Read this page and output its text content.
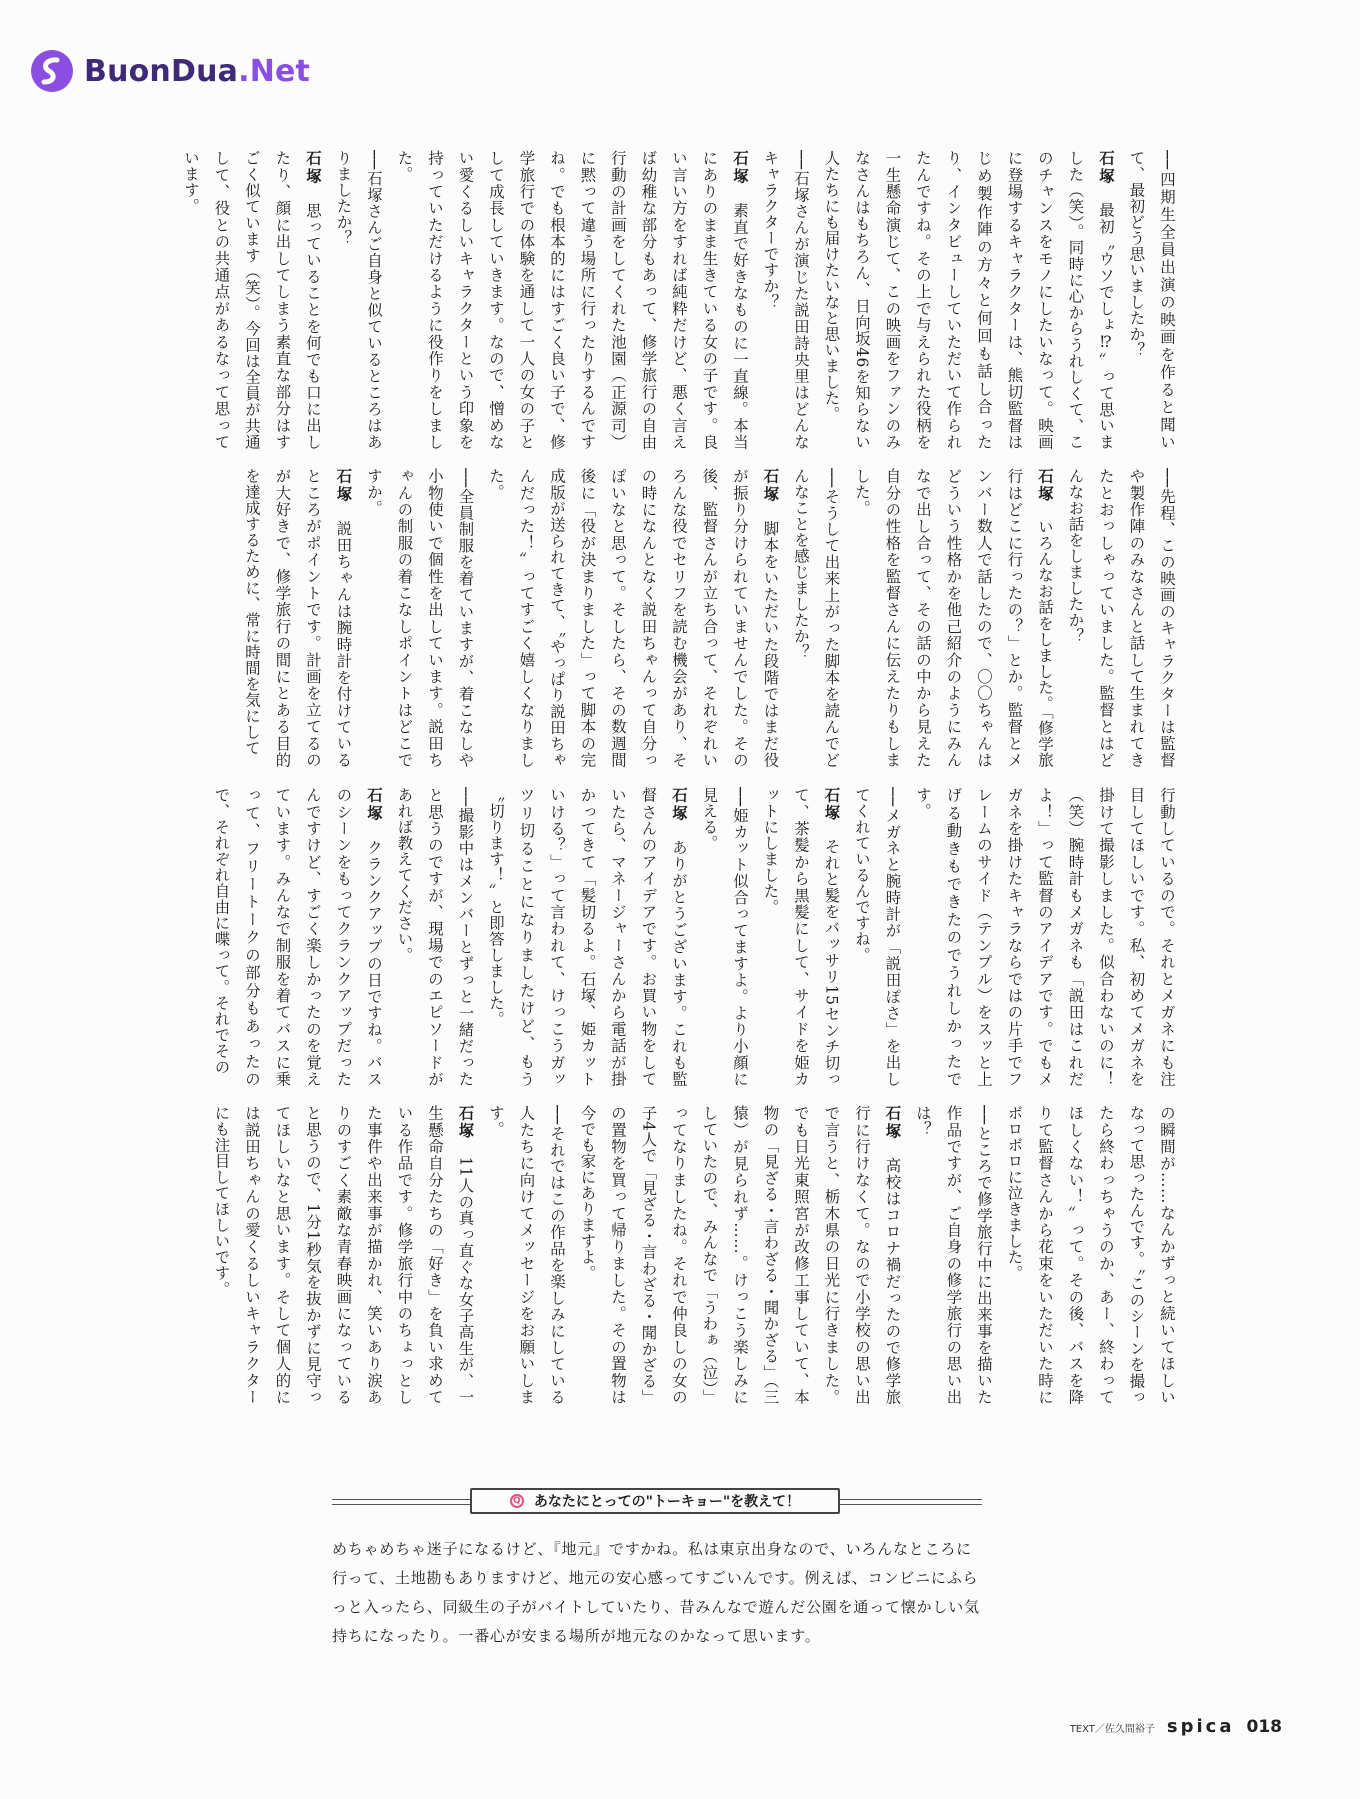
BuonDua.Net

──四期生全員出演の映画を作ると聞いて、最初どう思いましたか？

石塚　最初〝ウソでしょ⁉〟って思いました（笑）。同時に心からうれしくて、このチャンスをモノにしたいなって。映画に登場するキャラクターは、熊切監督はじめ製作陣の方々と何回も話し合ったり、インタビューしていただいて作られたんですね。その上で与えられた役柄を一生懸命演じて、この映画をファンのみなさんはもちろん、日向坂46を知らない人たちにも届けたいなと思いました。

──石塚さんが演じた説田詩央里はどんなキャラクターですか？

石塚　素直で好きなものに一直線。本当にありのまま生きている女の子です。良い言い方をすれば純粋だけど、悪く言えば幼稚な部分もあって、修学旅行の自由行動の計画をしてくれた池園（正源司）に黙って違う場所に行ったりするんですね。でも根本的にはすごく良い子で、修学旅行での体験を通して一人の女の子として成長していきます。なので、憎めない愛くるしいキャラクターという印象を持っていただけるように役作りをしました。

──石塚さんご自身と似ているところはありましたか？

石塚　思っていることを何でも口に出したり、顔に出してしまう素直な部分はすごく似ています（笑）。今回は全員が共通して、役との共通点があるなって思っています。

──先程、この映画のキャラクターは監督や製作陣のみなさんと話して生まれてきたとおっしゃっていました。監督とはどんなお話をしましたか？

石塚　いろんなお話をしました。「修学旅行はどこに行ったの？」とか。監督とメンバー数人で話したので、〇〇ちゃんはどういう性格かを他己紹介のようにみんなで出し合って、その話の中から見えた自分の性格を監督さんに伝えたりもしました。

──そうして出来上がった脚本を読んでどんなことを感じましたか？

石塚　脚本をいただいた段階ではまだ役が振り分けられていませんでした。その後、監督さんが立ち合って、それぞれいろんな役でセリフを読む機会があり、その時になんとなく説田ちゃんって自分っぽいなと思って。そしたら、その数週間後に「役が決まりました」って脚本の完成版が送られてきて、〝やっぱり説田ちゃんだった！〟ってすごく嬉しくなりました。

──全員制服を着ていますが、着こなしや小物使いで個性を出しています。説田ちゃんの制服の着こなしポイントはどこですか。

石塚　説田ちゃんは腕時計を付けているところがポイントです。計画を立てるのが大好きで、修学旅行の間にとある目的を達成するために、常に時間を気にして

行動しているので。それとメガネにも注目してほしいです。私、初めてメガネを掛けて撮影しました。似合わないのに！（笑）腕時計もメガネも「説田はこれだよ！」って監督のアイデアです。でもメガネを掛けたキャラならではの片手でフレームのサイド（テンプル）をスッと上げる動きもできたのでうれしかったです。

──メガネと腕時計が「説田ぽさ」を出してくれているんですね。

石塚　それと髪をバッサリ15センチ切って、茶髪から黒髪にして、サイドを姫カットにしました。

──姫カット似合ってますよ。より小顔に見える。

石塚　ありがとうございます。これも監督さんのアイデアです。お買い物をしていたら、マネージャーさんから電話が掛かってきて「髪切るよ。石塚、姫カットいける？」って言われて、けっこうガッツリ切ることになりましたけど、もう〝切ります！〟と即答しました。

──撮影中はメンバーとずっと一緒だったと思うのですが、現場でのエピソードがあれば教えてください。

石塚　クランクアップの日ですね。バスのシーンをもってクランクアップだったんですけど、すごく楽しかったのを覚えています。みんなで制服を着てバスに乗って、フリートークの部分もあったので、それぞれ自由に喋って。それでその

の瞬間が……なんかずっと続いてほしいなって思ったんです。〝このシーンを撮ったら終わっちゃうのか、あー、終わってほしくない！〟って。その後、バスを降りて監督さんから花束をいただいた時にボロボロに泣きました。

──ところで修学旅行中に出来事を描いた作品ですが、ご自身の修学旅行の思い出は？

石塚　高校はコロナ禍だったので修学旅行に行けなくて。なので小学校の思い出で言うと、栃木県の日光に行きました。でも日光東照宮が改修工事していて、本物の「見ざる・言わざる・聞かざる」（三猿）が見られず……。けっこう楽しみにしていたので、みんなで「うわぁ（泣）」ってなりましたね。それで仲良しの女の子4人で「見ざる・言わざる・聞かざる」の置物を買って帰りました。その置物は今でも家にありますよ。

──それではこの作品を楽しみにしている人たちに向けてメッセージをお願いします。

石塚　11人の真っ直ぐな女子高生が、一生懸命自分たちの「好き」を負い求めている作品です。修学旅行中のちょっとした事件や出来事が描かれ、笑いあり涙ありのすごく素敵な青春映画になっていると思うので、1分1秒気を抜かずに見守ってほしいなと思います。そして個人的には説田ちゃんの愛くるしいキャラクターにも注目してほしいです。

Q あなたにとっての"トーキョー"を教えて！
めちゃめちゃ迷子になるけど、『地元』ですかね。私は東京出身なので、いろんなところに行って、土地勘もありますけど、地元の安心感ってすごいんです。例えば、コンビニにふらっと入ったら、同級生の子がバイトしていたり、昔みんなで遊んだ公園を通って懐かしい気持ちになったり。一番心が安まる場所が地元なのかなって思います。
TEXT／佐久間裕子 spica 018
